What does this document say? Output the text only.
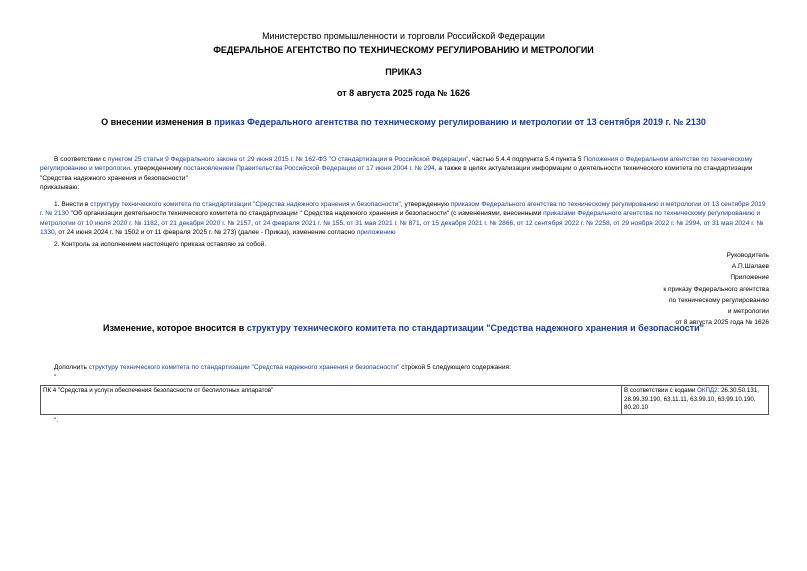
Министерство промышленности и торговли Российской Федерации
ФЕДЕРАЛЬНОЕ АГЕНТСТВО ПО ТЕХНИЧЕСКОМУ РЕГУЛИРОВАНИЮ И МЕТРОЛОГИИ
ПРИКАЗ
от 8 августа 2025 года № 1626
О внесении изменения в приказ Федерального агентства по техническому регулированию и метрологии от 13 сентября 2019 г. № 2130

В соответствии с пунктом 25 статьи 9 Федерального закона от 29 июня 2015 г. № 162-ФЗ "О стандартизации в Российской Федерации", частью 5.4.4 подпункта 5.4 пункта 5 Положения о Федеральном агентстве по техническому регулированию и метрологии, утвержденному постановлением Правительства Российской Федерации от 17 июня 2004 г. № 294, а также в целях актуализации информации о деятельности технического комитета по стандартизации "Средства надежного хранения и безопасности"
приказываю:

1. Внести в структуру технического комитета по стандартизации "Средства надежного хранения и безопасности", утвержденную приказом Федерального агентства по техническому регулированию и метрологии от 13 сентября 2019 г. № 2130 "Об организации деятельности технического комитета по стандартизации " Средства надежного хранения и безопасности" (с изменениями, внесенными приказами Федерального агентства по техническому регулированию и метрологии от 10 июля 2020 г. № 1182, от 21 декабря 2020 г. № 2157, от 24 февраля 2021 г. № 155, от 31 мая 2021 г. № 871, от 15 декабря 2021 г. № 2866, от 12 сентября 2022 г. № 2258, от 29 ноября 2022 г. № 2994, от 31 мая 2024 г. № 1330, от 24 июня 2024 г. № 1502 и от 11 февраля 2025 г. № 273) (далее - Приказ), изменение согласно приложению

2. Контроль за исполнением настоящего приказа оставляю за собой.

Руководитель
А.П.Шалаев
Приложение
к приказу Федерального агентства
по техническому регулированию
и метрологии
от 8 августа 2025 года № 1626
Изменение, которое вносится в структуру технического комитета по стандартизации "Средства надежного хранения и безопасности"

Дополнить структуру технического комитета по стандартизации "Средства надежного хранения и безопасности" строкой 5 следующего содержания:

"
ПК 4 "Средства и услуги обеспечения безопасности от беспилотных аппаратов"	В соответствии с кодами ОКПД2: 26.30.50.131, 28.99.39.190, 63.11.11, 63.99.10, 63.99.10.190, 80.20.10
".
